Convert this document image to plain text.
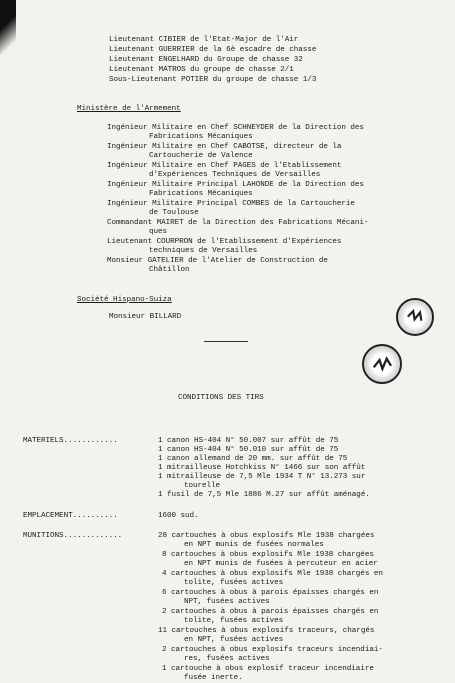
Lieutenant CIBIER de l'Etat-Major de l'Air
Lieutenant GUERRIER de la 6è escadre de chasse
Lieutenant ENGELHARD du Groupe de chasse 32
Lieutenant MATROS du groupe de chasse 2/1
Sous-Lieutenant POTIER du groupe de chasse 1/3
Ministère de l'Armement
Ingénieur Militaire en Chef SCHNEYDER de la Direction des
Fabrications Mécaniques
Ingénieur Militaire en Chef CABOTSE, directeur de la
Cartoucherie de Valence
Ingénieur Militaire en Chef PAGES de l'Etablissement
d'Expériences Techniques de Versailles
Ingénieur Militaire Principal LAHONDE de la Direction des
Fabrications Mécaniques
Ingénieur Militaire Principal COMBES de la Cartoucherie
de Toulouse
Commandant MAIRET de la Direction des Fabrications Mécani-
ques
Lieutenant COURPRON de l'Etablissement d'Expériences
techniques de Versailles
Monsieur GATELIER de l'Atelier de Construction de
Châtillon
Société Hispano-Suiza
Monsieur BILLARD
CONDITIONS DES TIRS
MATERIELS............	1 canon HS-404 N° 50.007 sur affût de 75
1 canon HS-404 N° 50.010 sur affût de 75
1 canon allemand de 20 mm. sur affût de 75
1 mitrailleuse Hotchkiss N° 1466 sur son affût
1 mitrailleuse de 7,5 Mle 1934 T N° 13.273 sur
tourelle
1 fusil de 7,5 Mle 1886 M.27 sur affût aménagé.
EMPLACEMENT..........	1600 sud.
MUNITIONS.............	28 cartouches à obus explosifs Mle 1938 chargées
en NPT munis de fusées normales
8 cartouches à obus explosifs Mle 1938 chargées
en NPT munis de fusées à percuteur en acier
4 cartouches à obus explosifs Mle 1938 chargés en
tolite, fusées actives
6 cartouches à obus à parois épaisses chargés en
NPT, fusées actives
2 cartouches à obus à parois épaisses chargés en
tolite, fusées actives
11 cartouches à obus explosifs traceurs, chargés
en NPT, fusées actives
2 cartouches à obus explosifs traceurs incendiai-
res, fusées actives
1 cartouche à obus explosif traceur incendiaire
fusée inerte.
